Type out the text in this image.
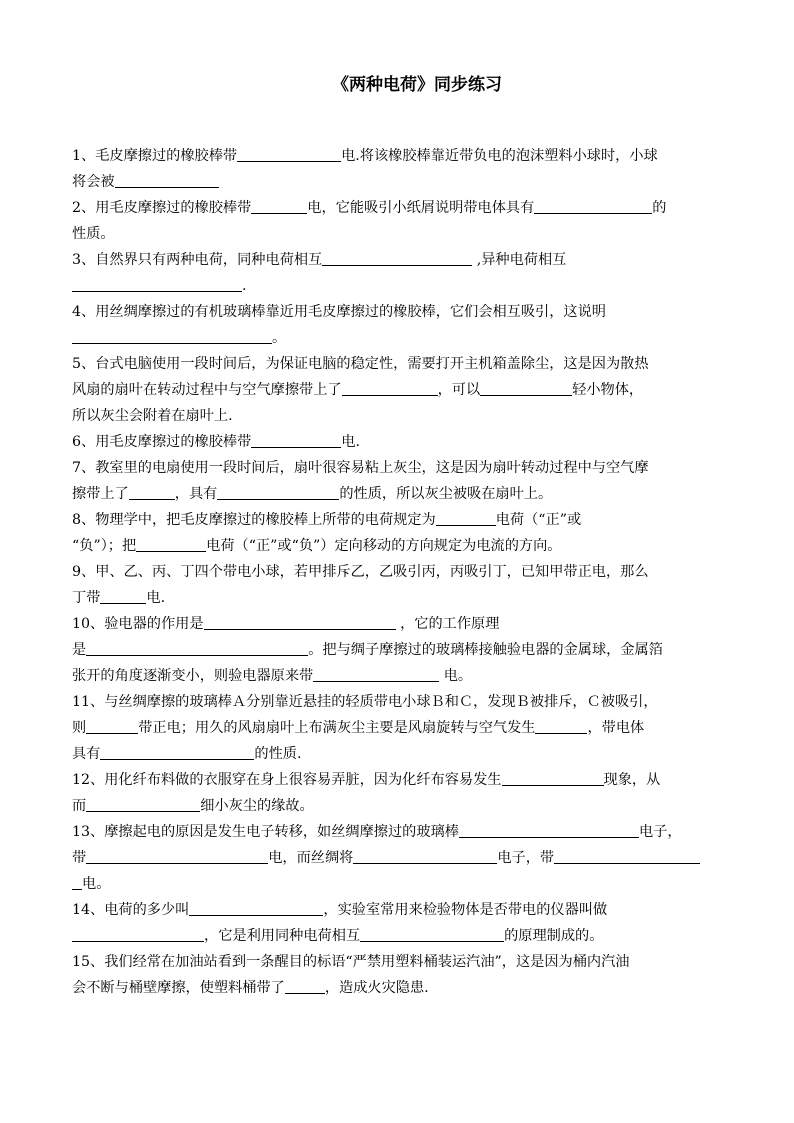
《两种电荷》同步练习
1、毛皮摩擦过的橡胶棒带	电.将该橡胶棒靠近带负电的泡沫塑料小球时，小球
将会被
2、用毛皮摩擦过的橡胶棒带	电，它能吸引小纸屑说明带电体具有	的
性质。
3、自然界只有两种电荷，同种电荷相互	,异种电荷相互
.
4、用丝绸摩擦过的有机玻璃棒靠近用毛皮摩擦过的橡胶棒，它们会相互吸引，这说明
。
5、台式电脑使用一段时间后，为保证电脑的稳定性，需要打开主机箱盖除尘，这是因为散热
风扇的扇叶在转动过程中与空气摩擦带上了	，可以	轻小物体，
所以灰尘会附着在扇叶上.
6、用毛皮摩擦过的橡胶棒带	电.
7、教室里的电扇使用一段时间后，扇叶很容易粘上灰尘，这是因为扇叶转动过程中与空气摩
擦带上了	，具有	的性质，所以灰尘被吸在扇叶上。
8、物理学中，把毛皮摩擦过的橡胶棒上所带的电荷规定为	电荷（“正”或
“负”）；把	电荷（“正”或“负”）定向移动的方向规定为电流的方向。
9、甲、乙、丙、丁四个带电小球，若甲排斥乙，乙吸引丙，丙吸引丁，已知甲带正电，那么
丁带	电.
10、验电器的作用是	，它的工作原理
是	。把与绸子摩擦过的玻璃棒接触验电器的金属球，金属箔
张开的角度逐渐变小，则验电器原来带	电。
11、与丝绸摩擦的玻璃棒Ａ分别靠近悬挂的轻质带电小球Ｂ和Ｃ，发现Ｂ被排斥，Ｃ被吸引，
则	带正电；用久的风扇扇叶上布满灰尘主要是风扇旋转与空气发生	，带电体
具有	的性质.
12、用化纤布料做的衣服穿在身上很容易弄脏，因为化纤布容易发生	现象，从
而	细小灰尘的缘故。
13、摩擦起电的原因是发生电子转移，如丝绸摩擦过的玻璃棒	电子，
带	电，而丝绸将	电子，带
电。
14、电荷的多少叫	，实验室常用来检验物体是否带电的仪器叫做
，它是利用同种电荷相互	的原理制成的。
15、我们经常在加油站看到一条醒目的标语“严禁用塑料桶装运汽油”，这是因为桶内汽油
会不断与桶壁摩擦，使塑料桶带了	，造成火灾隐患.
